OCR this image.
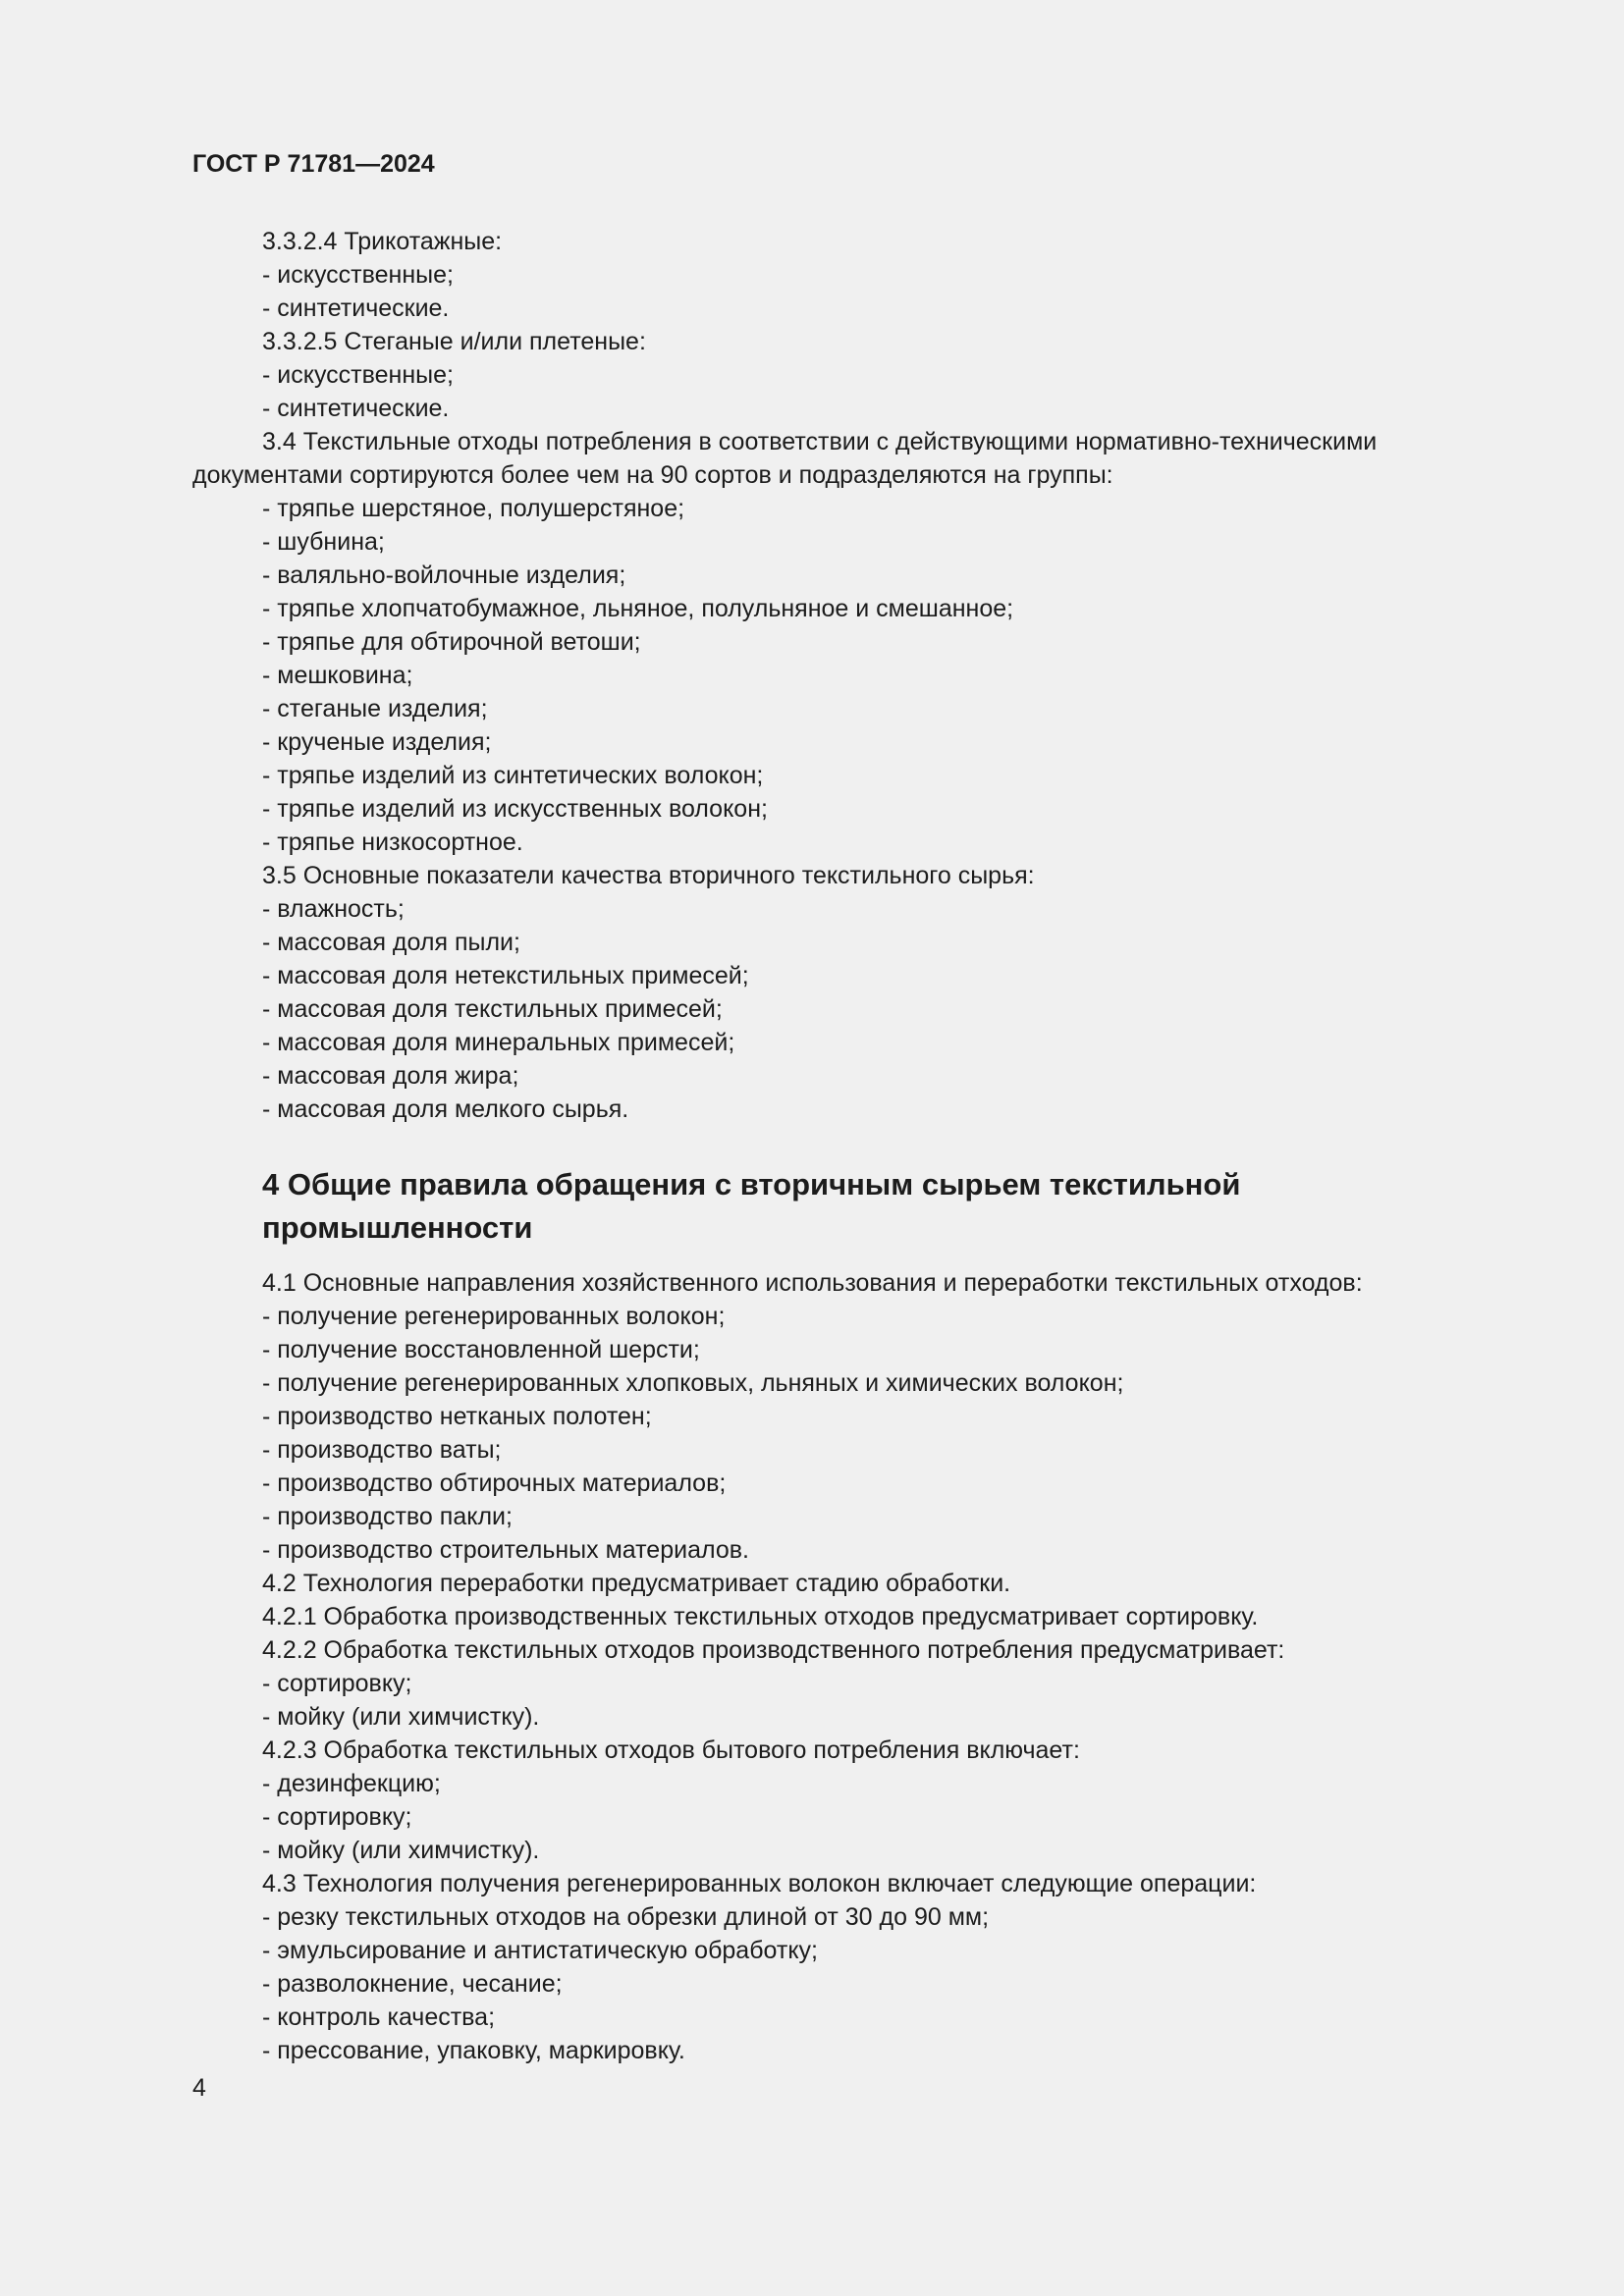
ГОСТ Р 71781—2024
3.3.2.4 Трикотажные:
- искусственные;
- синтетические.
3.3.2.5 Стеганые и/или плетеные:
- искусственные;
- синтетические.
3.4 Текстильные отходы потребления в соответствии с действующими нормативно-техническими
документами сортируются более чем на 90 сортов и подразделяются на группы:
- тряпье шерстяное, полушерстяное;
- шубнина;
- валяльно-войлочные изделия;
- тряпье хлопчатобумажное, льняное, полульняное и смешанное;
- тряпье для обтирочной ветоши;
- мешковина;
- стеганые изделия;
- крученые изделия;
- тряпье изделий из синтетических волокон;
- тряпье изделий из искусственных волокон;
- тряпье низкосортное.
3.5 Основные показатели качества вторичного текстильного сырья:
- влажность;
- массовая доля пыли;
- массовая доля нетекстильных примесей;
- массовая доля текстильных примесей;
- массовая доля минеральных примесей;
- массовая доля жира;
- массовая доля мелкого сырья.
4 Общие правила обращения с вторичным сырьем текстильной
промышленности
4.1 Основные направления хозяйственного использования и переработки текстильных отходов:
- получение регенерированных волокон;
- получение восстановленной шерсти;
- получение регенерированных хлопковых, льняных и химических волокон;
- производство нетканых полотен;
- производство ваты;
- производство обтирочных материалов;
- производство пакли;
- производство строительных материалов.
4.2 Технология переработки предусматривает стадию обработки.
4.2.1 Обработка производственных текстильных отходов предусматривает сортировку.
4.2.2 Обработка текстильных отходов производственного потребления предусматривает:
- сортировку;
- мойку (или химчистку).
4.2.3 Обработка текстильных отходов бытового потребления включает:
- дезинфекцию;
- сортировку;
- мойку (или химчистку).
4.3 Технология получения регенерированных волокон включает следующие операции:
- резку текстильных отходов на обрезки длиной от 30 до 90 мм;
- эмульсирование и антистатическую обработку;
- разволокнение, чесание;
- контроль качества;
- прессование, упаковку, маркировку.
4
